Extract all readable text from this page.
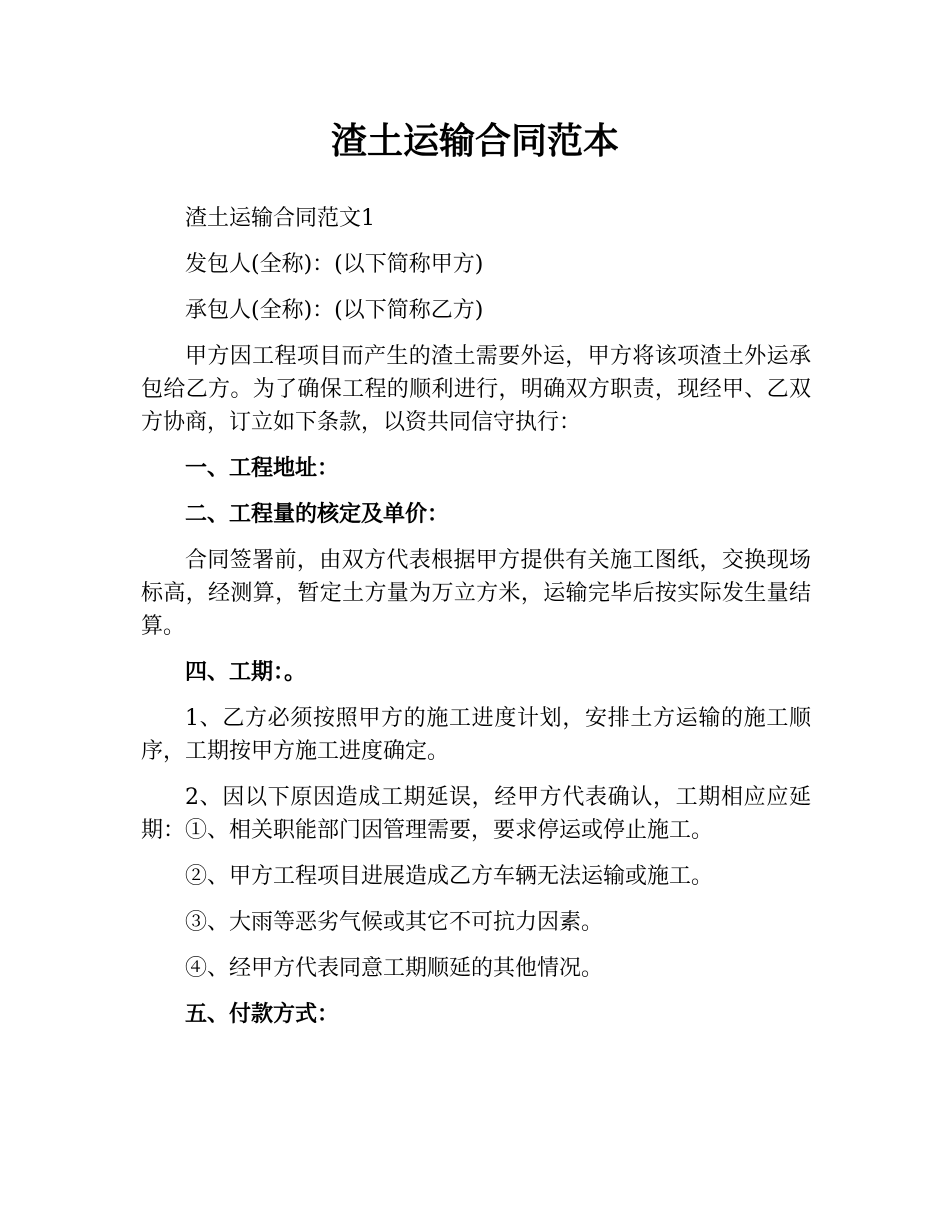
渣土运输合同范本

渣土运输合同范文1

发包人(全称)：(以下简称甲方)

承包人(全称)：(以下简称乙方)

甲方因工程项目而产生的渣土需要外运，甲方将该项渣土外运承包给乙方。为了确保工程的顺利进行，明确双方职责，现经甲、乙双方协商，订立如下条款，以资共同信守执行：

一、工程地址：

二、工程量的核定及单价：

合同签署前，由双方代表根据甲方提供有关施工图纸，交换现场标高，经测算，暂定土方量为万立方米，运输完毕后按实际发生量结算。

四、工期：。

1、乙方必须按照甲方的施工进度计划，安排土方运输的施工顺序，工期按甲方施工进度确定。

2、因以下原因造成工期延误，经甲方代表确认，工期相应应延期：①、相关职能部门因管理需要，要求停运或停止施工。

②、甲方工程项目进展造成乙方车辆无法运输或施工。

③、大雨等恶劣气候或其它不可抗力因素。

④、经甲方代表同意工期顺延的其他情况。

五、付款方式：
